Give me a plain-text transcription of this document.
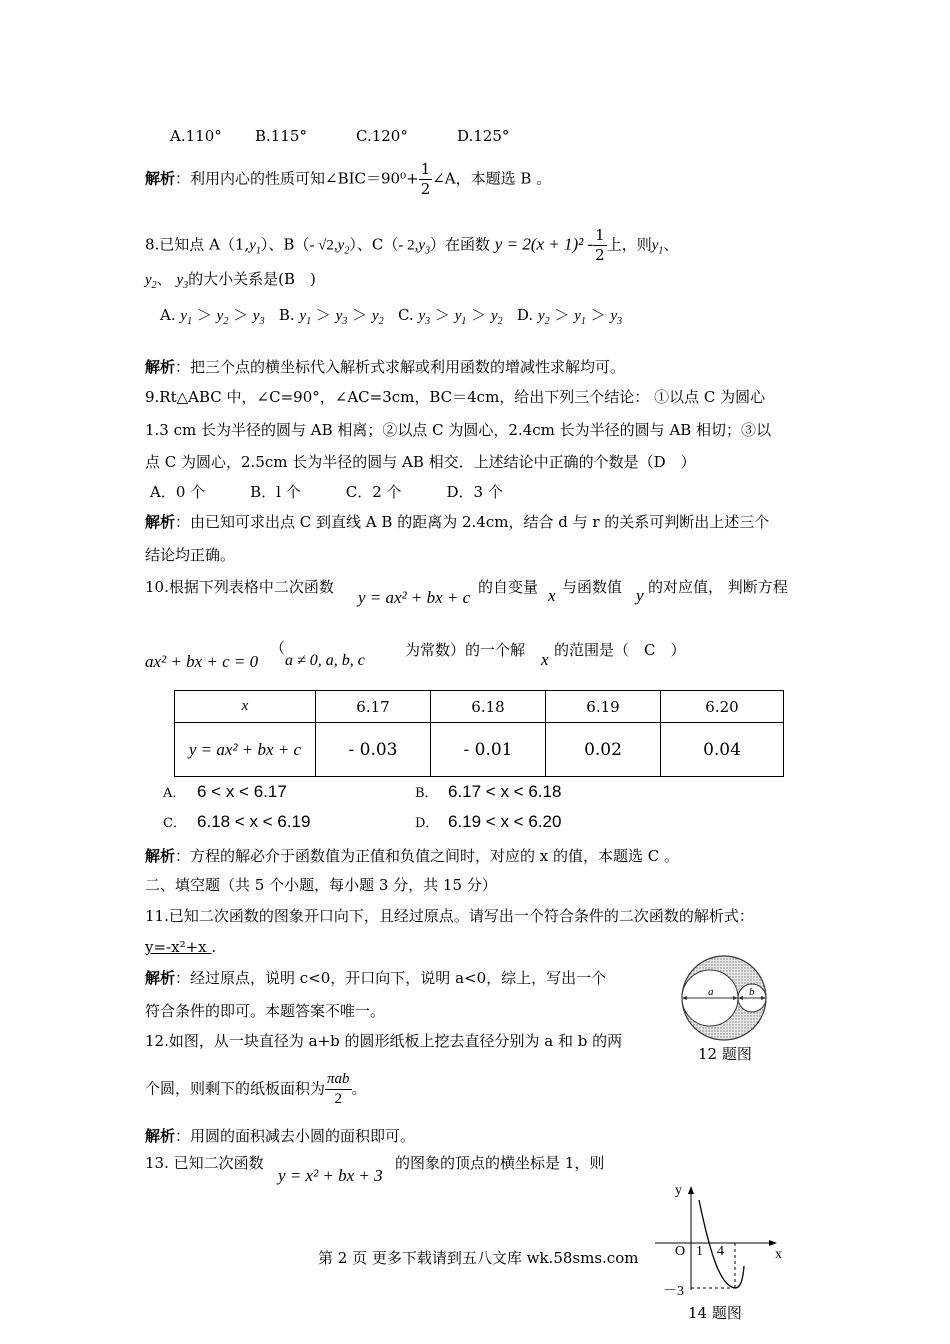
A.110° B.115°	C.120°	D.125°
解析：利用内心的性质可知∠BIC＝90⁰+ $\frac{1}{2}$ ∠A，本题选 B 。
8.已知点 $A(1,y_1)$、B（- $√2,y_2$）、C（- $2,y_3$）在函数 $y = 2(x + 1)^2 - \frac{1}{2}$ 上，则$y_1$、
$y_2$、 $y_3$的大小关系是(B　)
A. $y_1 > y_2 > y_3$ B. $y_1 > y_3 > y_2$ C. $y_3 > y_1 > y_2$ D. $y_2 > y_1 > y_3$
解析：把三个点的横坐标代入解析式求解或利用函数的增减性求解均可。
9.Rt△ABC 中，∠C=90°，∠AC=3cm，BC＝4cm，给出下列三个结论： ①以点 C 为圆心
1.3 cm 长为半径的圆与 AB 相离；②以点 C 为圆心，2.4cm 长为半径的圆与 AB 相切；③以
点 C 为圆心，2.5cm 长为半径的圆与 AB 相交．上述结论中正确的个数是（D　）
A．0 个　　　B．l 个　　　C．2 个　　　D．3 个
解析：由已知可求出点 C 到直线 A B 的距离为 2.4cm，结合 d 与 r 的关系可判断出上述三个
结论均正确。
10.根据下列表格中二次函数
y = ax² + bx + c
的自变量 x 与函数值 y 的对应值， 判断方程
ax² + bx + c = 0
（
a ≠ 0, a, b, c
为常数）的一个解 x 的范围是（　C　）
x	6.17	6.18	6.19	6.20
y = ax² + bx + c	- 0.03	- 0.01	0.02	0.04
A． 6 < x < 6.17	B． 6.17 < x < 6.18
C． 6.18 < x < 6.19	D． 6.19 < x < 6.20
解析：方程的解必介于函数值为正值和负值之间时，对应的 x 的值，本题选 C 。
二、填空题（共 5 个小题，每小题 3 分，共 15 分）
11.已知二次函数的图象开口向下，且经过原点。请写出一个符合条件的二次函数的解析式：
y=-x²+x .
解析：经过原点，说明 c<0，开口向下，说明 a<0，综上，写出一个
符合条件的即可。本题答案不唯一。
12.如图，从一块直径为 a+b 的圆形纸板上挖去直径分别为 a 和 b 的两
个圆，则剩下的纸板面积为 $\frac{\text{πab}}{2}$ 。
a	b
12 题图
解析：用圆的面积减去小圆的面积即可。
13. 已知二次函数
y = x² + bx + 3
的图象的顶点的横坐标是 1，则
y
x
O 1 4
－3
14 题图
第 2 页 更多下载请到五八文库 wk.58sms.com
